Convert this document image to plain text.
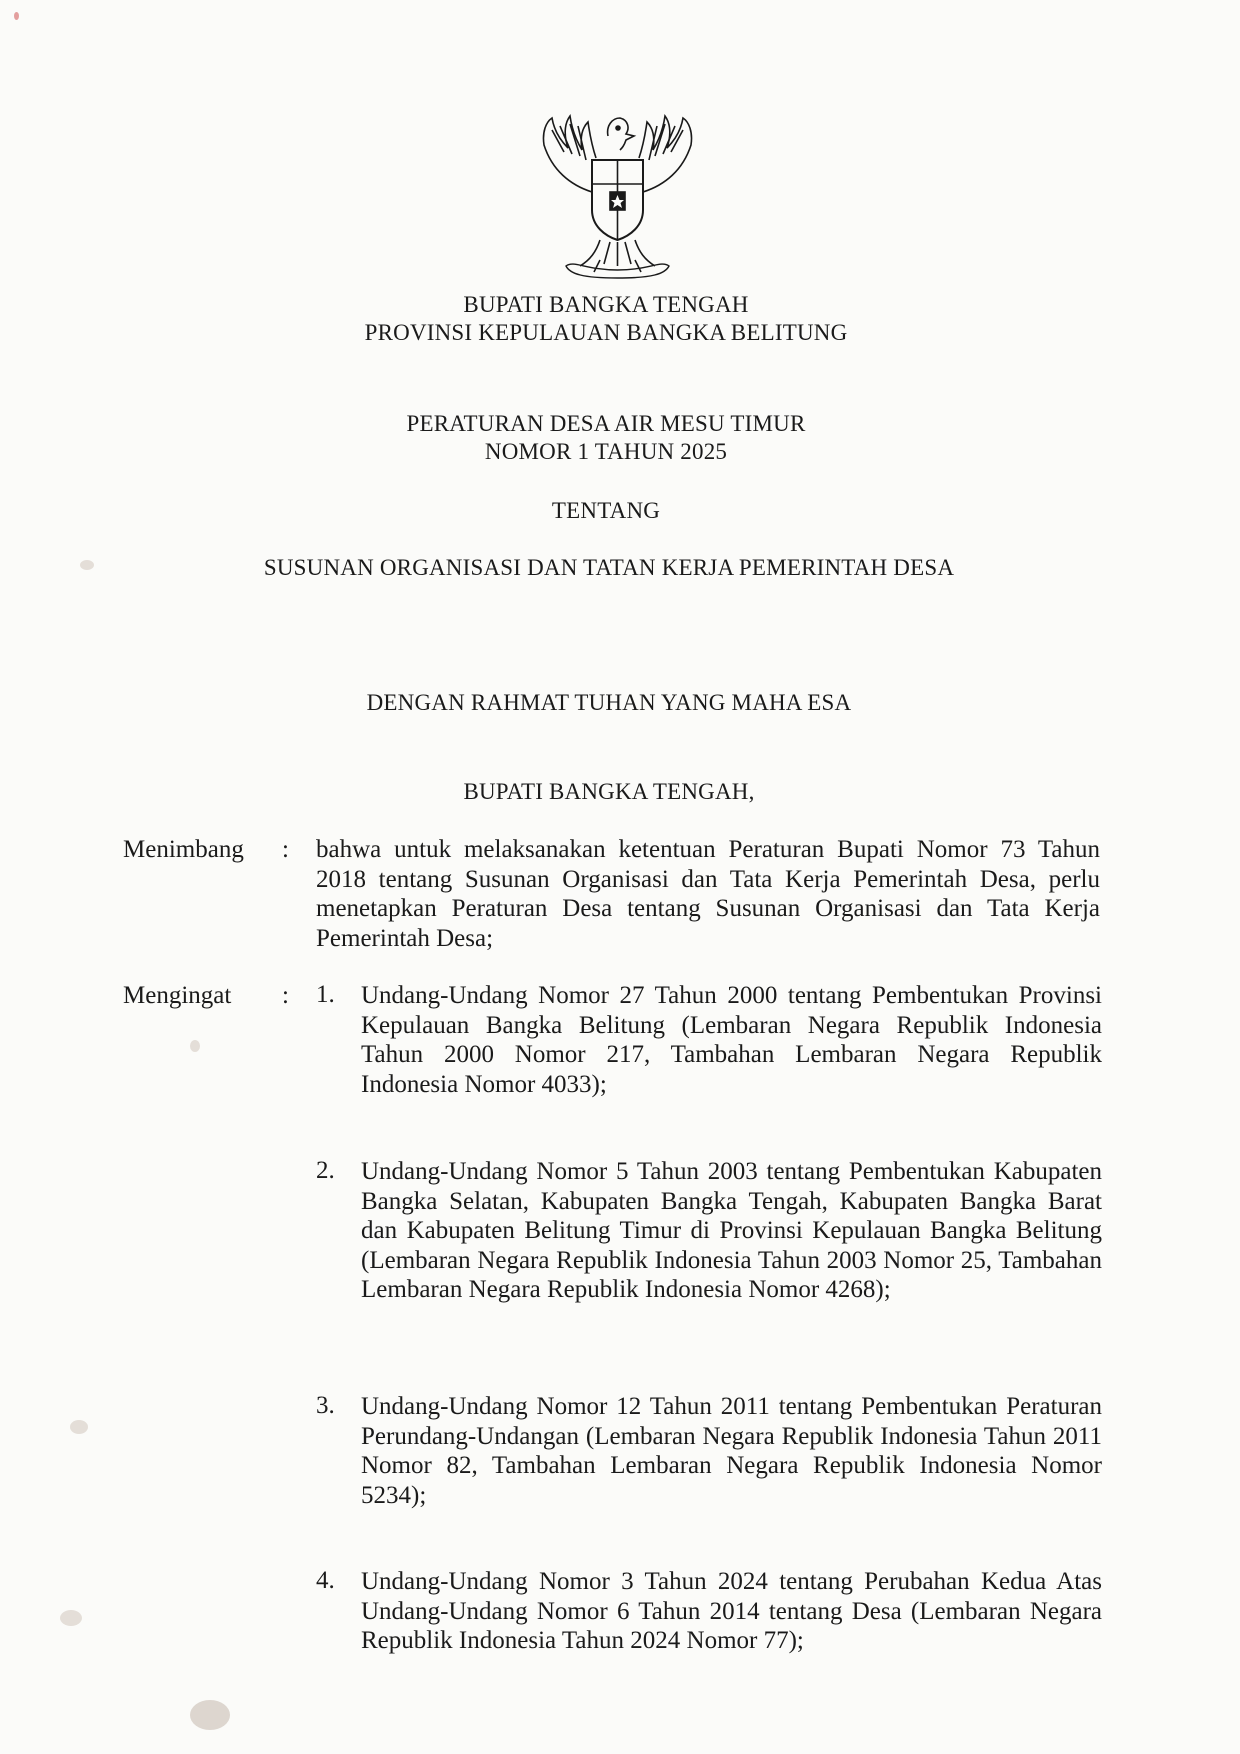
BUPATI BANGKA TENGAH
PROVINSI KEPULAUAN BANGKA BELITUNG
PERATURAN DESA AIR MESU TIMUR
NOMOR 1 TAHUN 2025
TENTANG
SUSUNAN ORGANISASI DAN TATAN KERJA PEMERINTAH DESA
DENGAN RAHMAT TUHAN YANG MAHA ESA
BUPATI BANGKA TENGAH,
Menimbang : bahwa untuk melaksanakan ketentuan Peraturan Bupati Nomor 73 Tahun 2018 tentang Susunan Organisasi dan Tata Kerja Pemerintah Desa, perlu menetapkan Peraturan Desa tentang Susunan Organisasi dan Tata Kerja Pemerintah Desa;
Mengingat : 1. Undang-Undang Nomor 27 Tahun 2000 tentang Pembentukan Provinsi Kepulauan Bangka Belitung (Lembaran Negara Republik Indonesia Tahun 2000 Nomor 217, Tambahan Lembaran Negara Republik Indonesia Nomor 4033);
2. Undang-Undang Nomor 5 Tahun 2003 tentang Pembentukan Kabupaten Bangka Selatan, Kabupaten Bangka Tengah, Kabupaten Bangka Barat dan Kabupaten Belitung Timur di Provinsi Kepulauan Bangka Belitung (Lembaran Negara Republik Indonesia Tahun 2003 Nomor 25, Tambahan Lembaran Negara Republik Indonesia Nomor 4268);
3. Undang-Undang Nomor 12 Tahun 2011 tentang Pembentukan Peraturan Perundang-Undangan (Lembaran Negara Republik Indonesia Tahun 2011 Nomor 82, Tambahan Lembaran Negara Republik Indonesia Nomor 5234);
4. Undang-Undang Nomor 3 Tahun 2024 tentang Perubahan Kedua Atas Undang-Undang Nomor 6 Tahun 2014 tentang Desa (Lembaran Negara Republik Indonesia Tahun 2024 Nomor 77);
